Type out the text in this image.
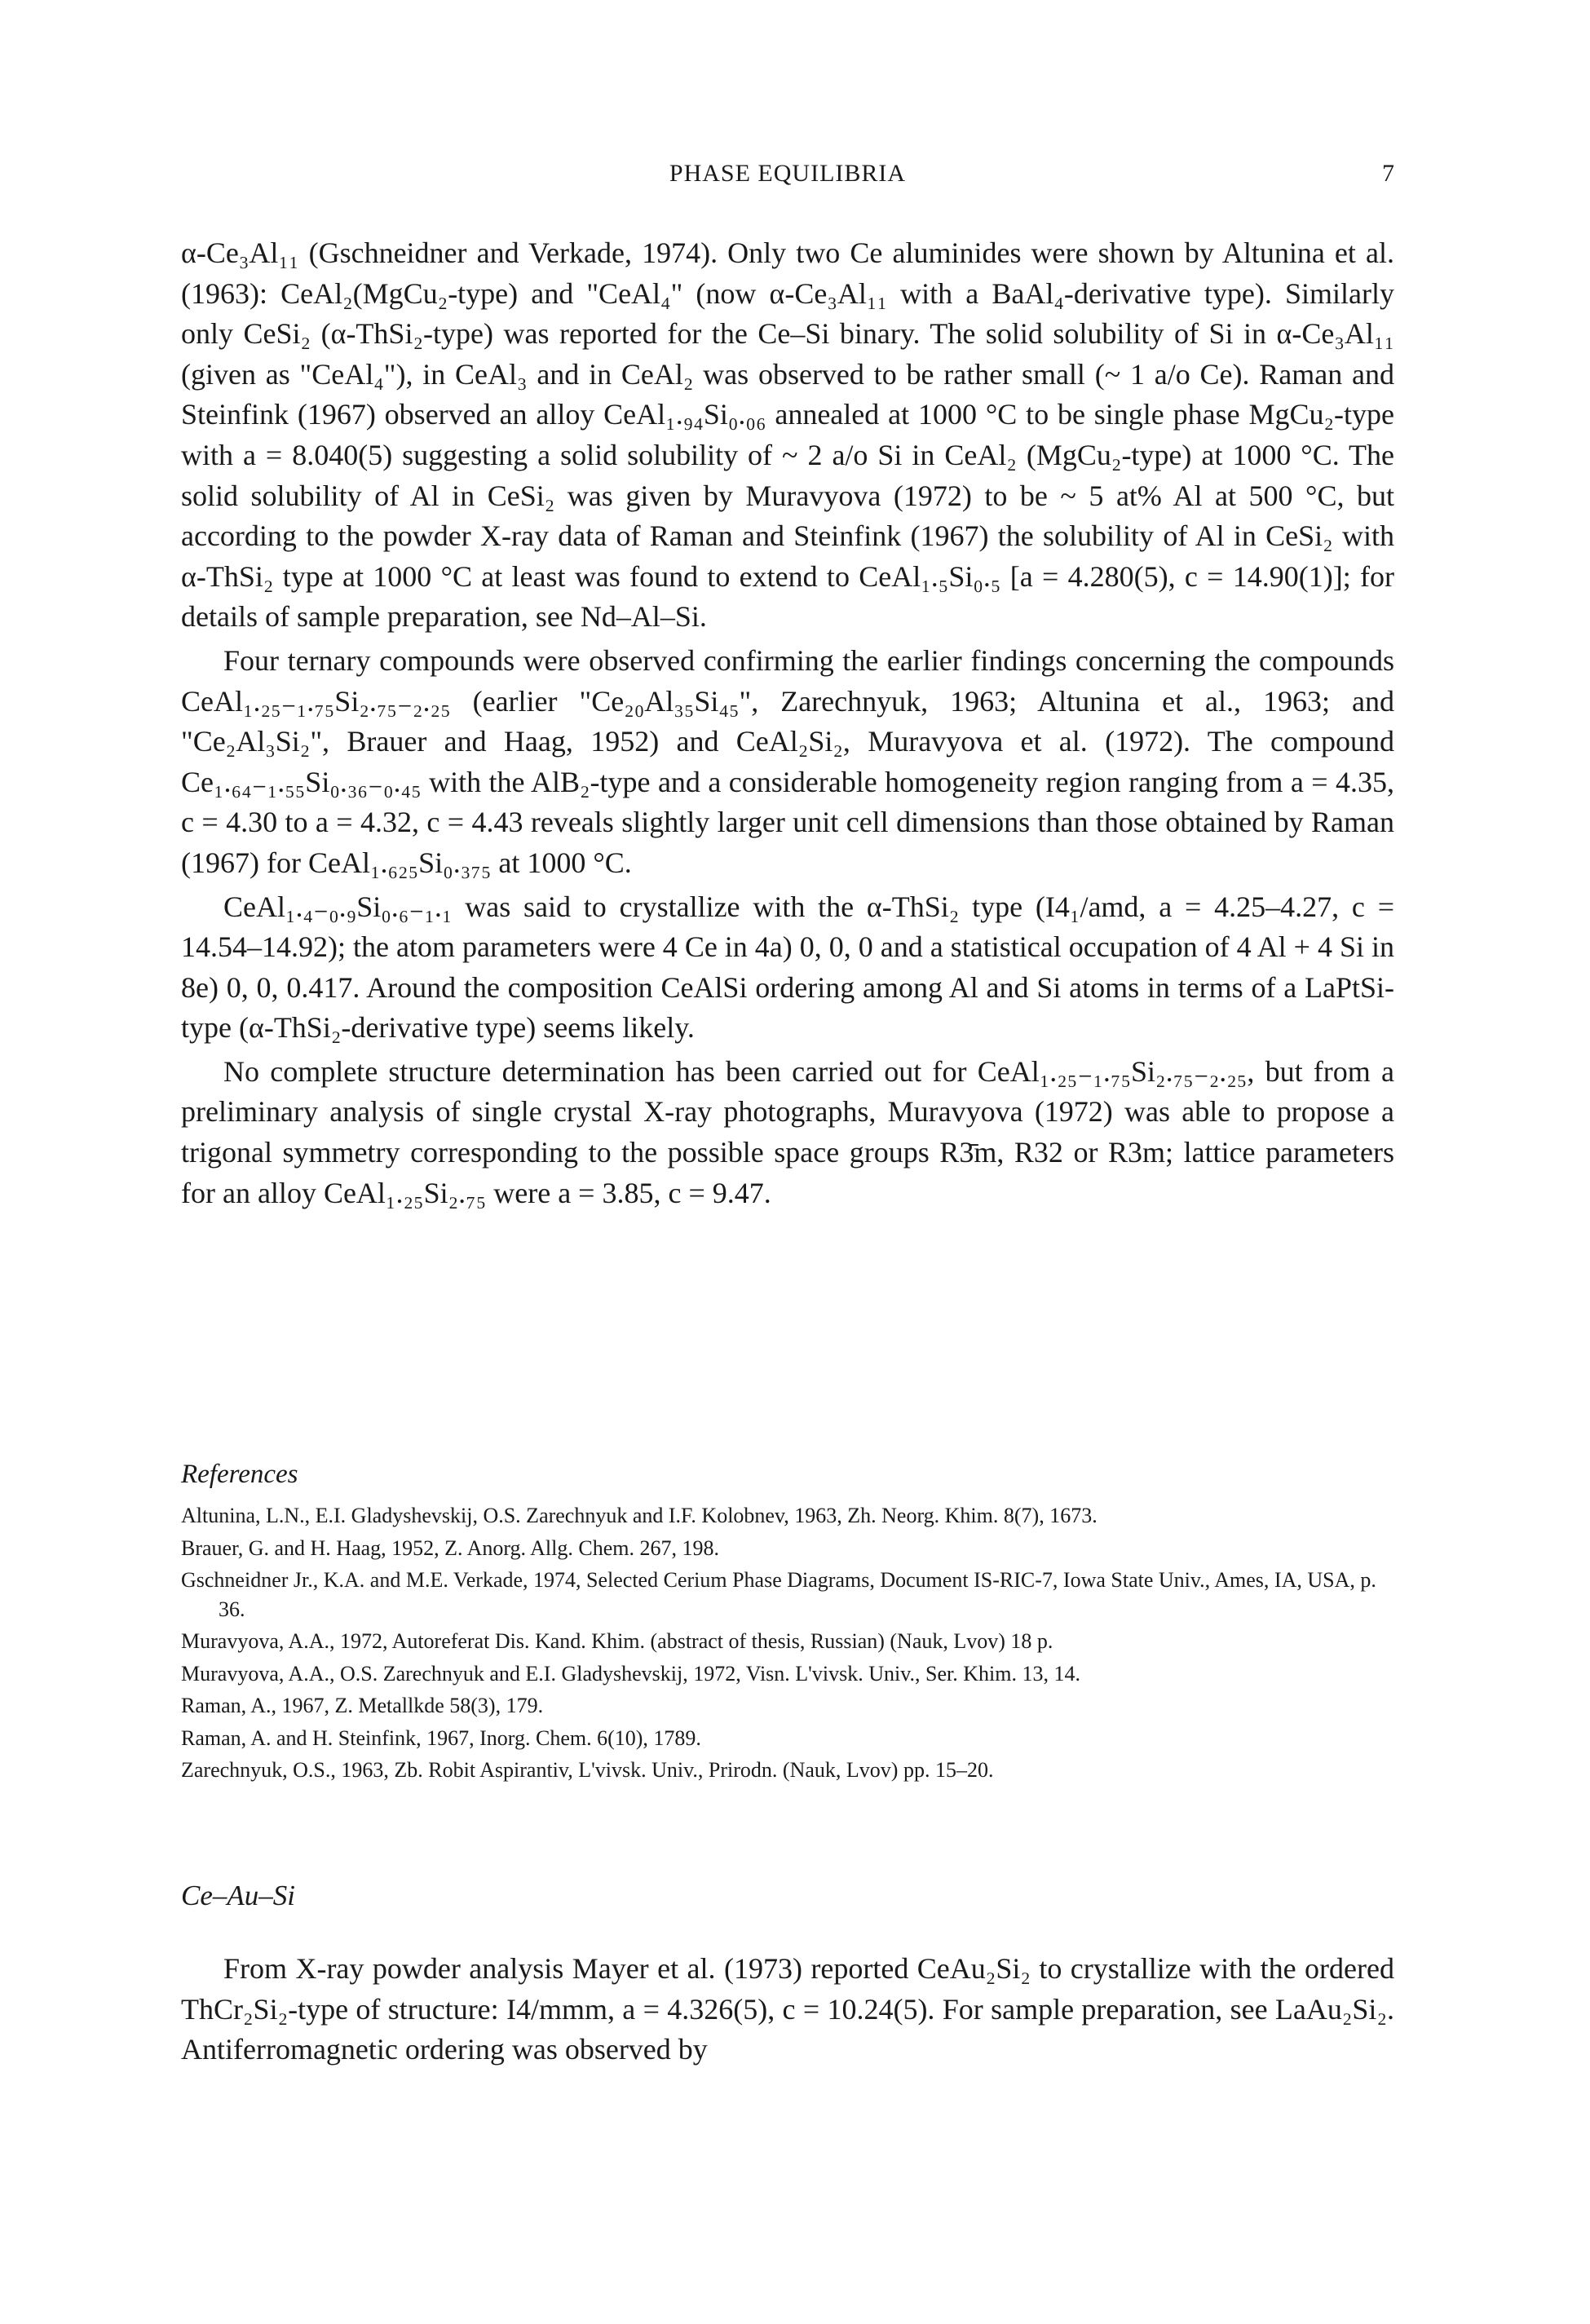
PHASE EQUILIBRIA	7

α-Ce₃Al₁₁ (Gschneidner and Verkade, 1974). Only two Ce aluminides were shown by Altunina et al. (1963): CeAl₂(MgCu₂-type) and "CeAl₄" (now α-Ce₃Al₁₁ with a BaAl₄-derivative type). Similarly only CeSi₂ (α-ThSi₂-type) was reported for the Ce–Si binary. The solid solubility of Si in α-Ce₃Al₁₁ (given as "CeAl₄"), in CeAl₃ and in CeAl₂ was observed to be rather small (~ 1 a/o Ce). Raman and Steinfink (1967) observed an alloy CeAl₁.₉₄Si₀.₀₆ annealed at 1000 °C to be single phase MgCu₂-type with a = 8.040(5) suggesting a solid solubility of ~ 2 a/o Si in CeAl₂ (MgCu₂-type) at 1000 °C. The solid solubility of Al in CeSi₂ was given by Muravyova (1972) to be ~ 5 at% Al at 500 °C, but according to the powder X-ray data of Raman and Steinfink (1967) the solubility of Al in CeSi₂ with α-ThSi₂ type at 1000 °C at least was found to extend to CeAl₁.₅Si₀.₅ [a = 4.280(5), c = 14.90(1)]; for details of sample preparation, see Nd–Al–Si.

Four ternary compounds were observed confirming the earlier findings concerning the compounds CeAl₁.₂₅₋₁.₇₅Si₂.₇₅₋₂.₂₅ (earlier "Ce₂₀Al₃₅Si₄₅", Zarechnyuk, 1963; Altunina et al., 1963; and "Ce₂Al₃Si₂", Brauer and Haag, 1952) and CeAl₂Si₂, Muravyova et al. (1972). The compound Ce₁.₆₄₋₁.₅₅Si₀.₃₆₋₀.₄₅ with the AlB₂-type and a considerable homogeneity region ranging from a = 4.35, c = 4.30 to a = 4.32, c = 4.43 reveals slightly larger unit cell dimensions than those obtained by Raman (1967) for CeAl₁.₆₂₅Si₀.₃₇₅ at 1000 °C.

CeAl₁.₄₋₀.₉Si₀.₆₋₁.₁ was said to crystallize with the α-ThSi₂ type (I4₁/amd, a = 4.25–4.27, c = 14.54–14.92); the atom parameters were 4 Ce in 4a) 0, 0, 0 and a statistical occupation of 4 Al + 4 Si in 8e) 0, 0, 0.417. Around the composition CeAlSi ordering among Al and Si atoms in terms of a LaPtSi-type (α-ThSi₂-derivative type) seems likely.

No complete structure determination has been carried out for CeAl₁.₂₅₋₁.₇₅Si₂.₇₅₋₂.₂₅, but from a preliminary analysis of single crystal X-ray photographs, Muravyova (1972) was able to propose a trigonal symmetry corresponding to the possible space groups R3̄m, R32 or R3m; lattice parameters for an alloy CeAl₁.₂₅Si₂.₇₅ were a = 3.85, c = 9.47.

References

Altunina, L.N., E.I. Gladyshevskij, O.S. Zarechnyuk and I.F. Kolobnev, 1963, Zh. Neorg. Khim. 8(7), 1673.

Brauer, G. and H. Haag, 1952, Z. Anorg. Allg. Chem. 267, 198.

Gschneidner Jr., K.A. and M.E. Verkade, 1974, Selected Cerium Phase Diagrams, Document IS-RIC-7, Iowa State Univ., Ames, IA, USA, p. 36.

Muravyova, A.A., 1972, Autoreferat Dis. Kand. Khim. (abstract of thesis, Russian) (Nauk, Lvov) 18 p.

Muravyova, A.A., O.S. Zarechnyuk and E.I. Gladyshevskij, 1972, Visn. L'vivsk. Univ., Ser. Khim. 13, 14.

Raman, A., 1967, Z. Metallkde 58(3), 179.

Raman, A. and H. Steinfink, 1967, Inorg. Chem. 6(10), 1789.

Zarechnyuk, O.S., 1963, Zb. Robit Aspirantiv, L'vivsk. Univ., Prirodn. (Nauk, Lvov) pp. 15–20.

Ce–Au–Si

From X-ray powder analysis Mayer et al. (1973) reported CeAu₂Si₂ to crystallize with the ordered ThCr₂Si₂-type of structure: I4/mmm, a = 4.326(5), c = 10.24(5). For sample preparation, see LaAu₂Si₂. Antiferromagnetic ordering was observed by
